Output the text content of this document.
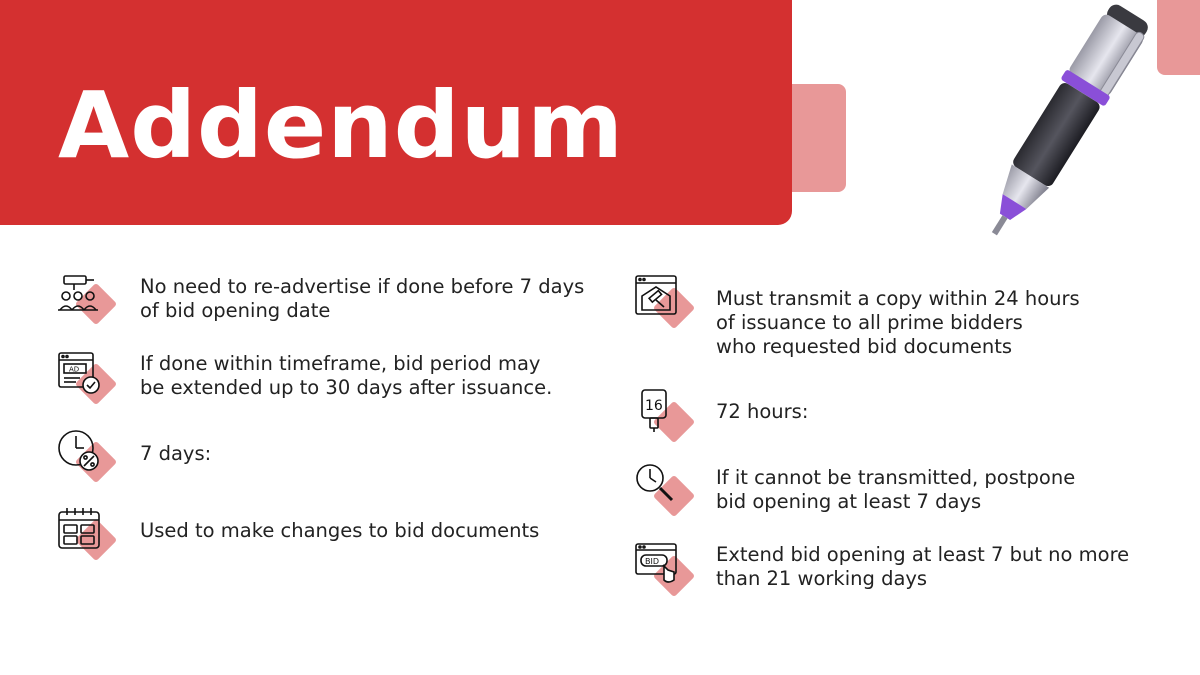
Addendum
No need to re-advertise if done before 7 days
of bid opening date
AD	If done within timeframe, bid period may
be extended up to 30 days after issuance.
7 days:
Used to make changes to bid documents
Must transmit a copy within 24 hours
of issuance to all prime bidders
who requested bid documents
16	72 hours:
If it cannot be transmitted, postpone
bid opening at least 7 days
BID	Extend bid opening at least 7 but no more
than 21 working days
